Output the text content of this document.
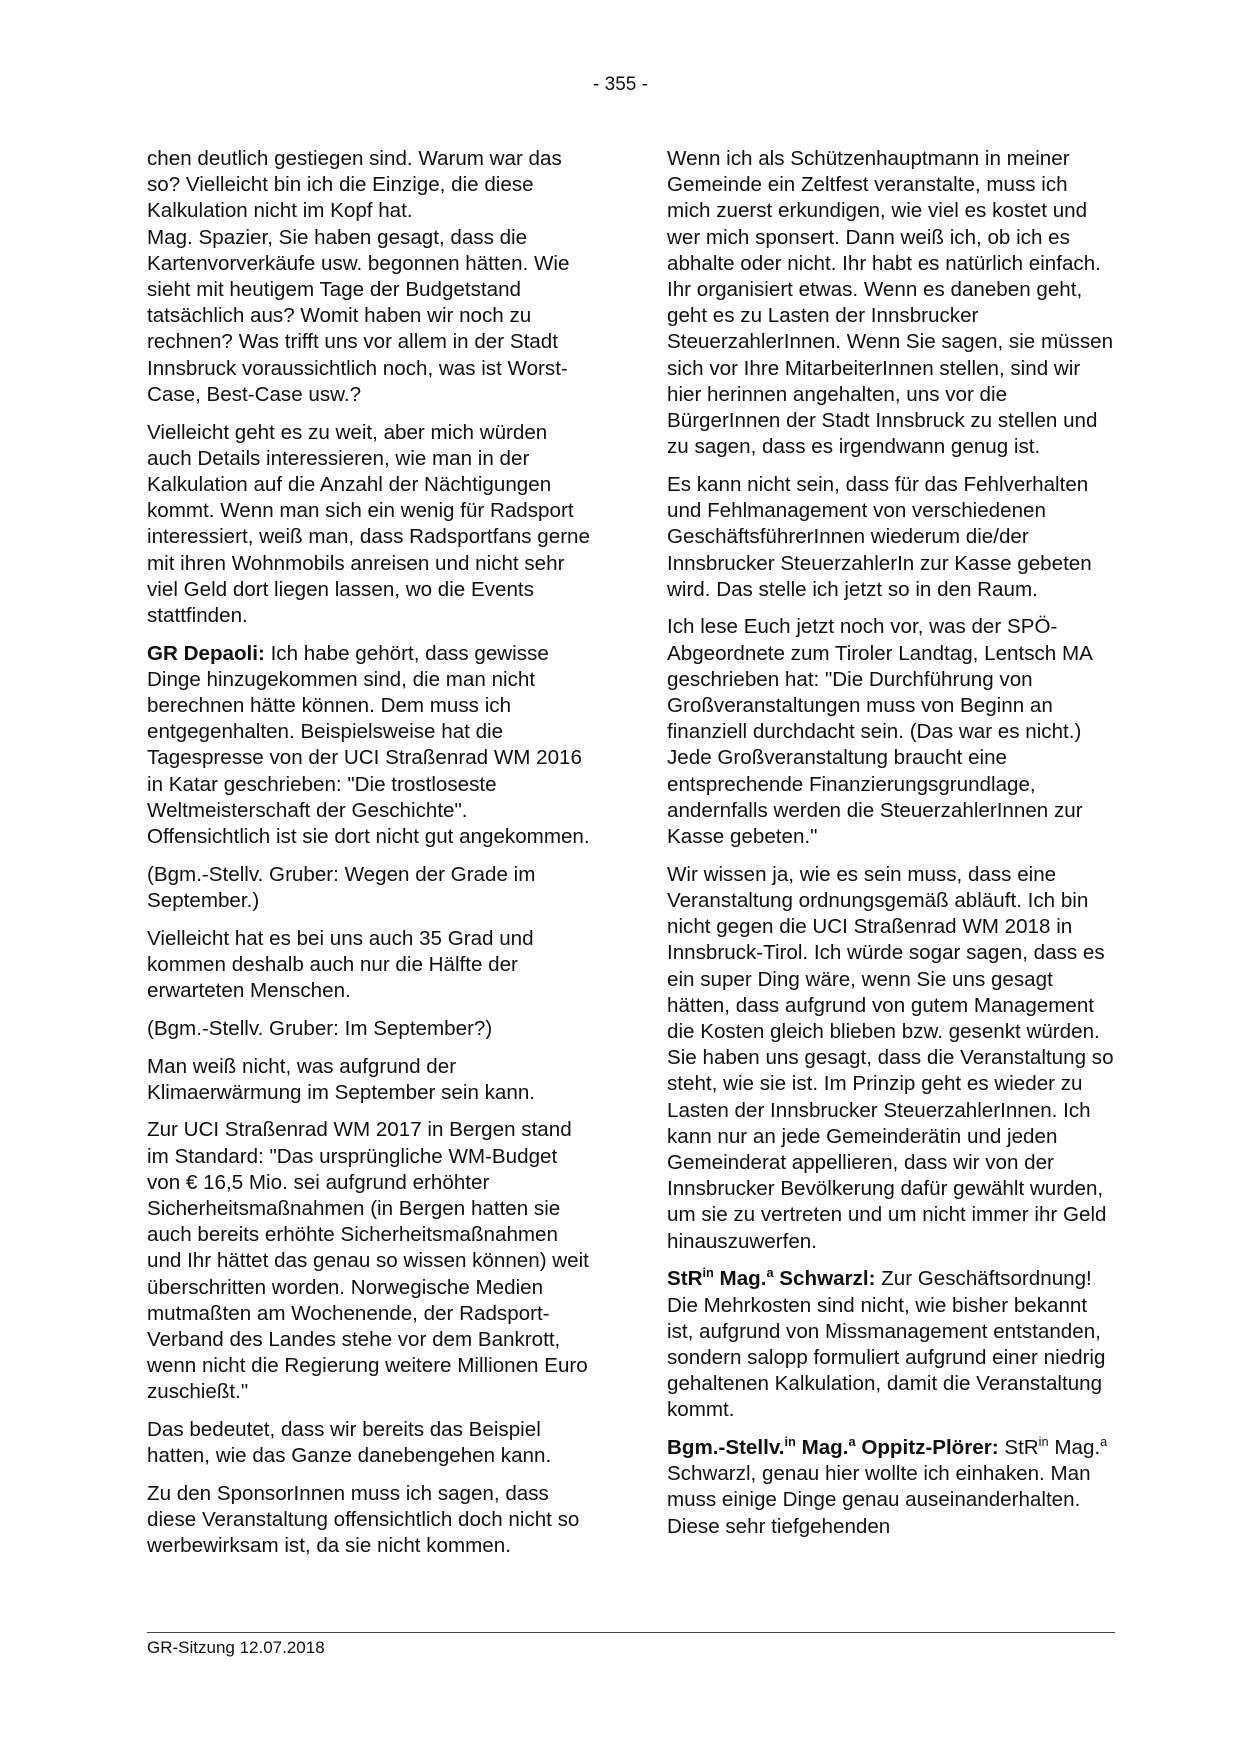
- 355 -

chen deutlich gestiegen sind. Warum war das so? Vielleicht bin ich die Einzige, die diese Kalkulation nicht im Kopf hat.

Mag. Spazier, Sie haben gesagt, dass die Kartenvorverkäufe usw. begonnen hätten. Wie sieht mit heutigem Tage der Budgetstand tatsächlich aus? Womit haben wir noch zu rechnen? Was trifft uns vor allem in der Stadt Innsbruck voraussichtlich noch, was ist Worst-Case, Best-Case usw.?

Vielleicht geht es zu weit, aber mich würden auch Details interessieren, wie man in der Kalkulation auf die Anzahl der Nächtigungen kommt. Wenn man sich ein wenig für Radsport interessiert, weiß man, dass Radsportfans gerne mit ihren Wohnmobils anreisen und nicht sehr viel Geld dort liegen lassen, wo die Events stattfinden.

GR Depaoli: Ich habe gehört, dass gewisse Dinge hinzugekommen sind, die man nicht berechnen hätte können. Dem muss ich entgegenhalten. Beispielsweise hat die Tagespresse von der UCI Straßenrad WM 2016 in Katar geschrieben: "Die trostloseste Weltmeisterschaft der Geschichte". Offensichtlich ist sie dort nicht gut angekommen.

(Bgm.-Stellv. Gruber: Wegen der Grade im September.)

Vielleicht hat es bei uns auch 35 Grad und kommen deshalb auch nur die Hälfte der erwarteten Menschen.

(Bgm.-Stellv. Gruber: Im September?)

Man weiß nicht, was aufgrund der Klimaerwärmung im September sein kann.

Zur UCI Straßenrad WM 2017 in Bergen stand im Standard: "Das ursprüngliche WM-Budget von € 16,5 Mio. sei aufgrund erhöhter Sicherheitsmaßnahmen (in Bergen hatten sie auch bereits erhöhte Sicherheitsmaßnahmen und Ihr hättet das genau so wissen können) weit überschritten worden. Norwegische Medien mutmaßten am Wochenende, der Radsport-Verband des Landes stehe vor dem Bankrott, wenn nicht die Regierung weitere Millionen Euro zuschießt."

Das bedeutet, dass wir bereits das Beispiel hatten, wie das Ganze danebengehen kann.

Zu den SponsorInnen muss ich sagen, dass diese Veranstaltung offensichtlich doch nicht so werbewirksam ist, da sie nicht kommen.

Wenn ich als Schützenhauptmann in meiner Gemeinde ein Zeltfest veranstalte, muss ich mich zuerst erkundigen, wie viel es kostet und wer mich sponsert. Dann weiß ich, ob ich es abhalte oder nicht. Ihr habt es natürlich einfach. Ihr organisiert etwas. Wenn es daneben geht, geht es zu Lasten der Innsbrucker SteuerzahlerInnen. Wenn Sie sagen, sie müssen sich vor Ihre MitarbeiterInnen stellen, sind wir hier herinnen angehalten, uns vor die BürgerInnen der Stadt Innsbruck zu stellen und zu sagen, dass es irgendwann genug ist.

Es kann nicht sein, dass für das Fehlverhalten und Fehlmanagement von verschiedenen GeschäftsführerInnen wiederum die/der Innsbrucker SteuerzahlerIn zur Kasse gebeten wird. Das stelle ich jetzt so in den Raum.

Ich lese Euch jetzt noch vor, was der SPÖ-Abgeordnete zum Tiroler Landtag, Lentsch MA geschrieben hat: "Die Durchführung von Großveranstaltungen muss von Beginn an finanziell durchdacht sein. (Das war es nicht.) Jede Großveranstaltung braucht eine entsprechende Finanzierungsgrundlage, andernfalls werden die SteuerzahlerInnen zur Kasse gebeten."

Wir wissen ja, wie es sein muss, dass eine Veranstaltung ordnungsgemäß abläuft. Ich bin nicht gegen die UCI Straßenrad WM 2018 in Innsbruck-Tirol. Ich würde sogar sagen, dass es ein super Ding wäre, wenn Sie uns gesagt hätten, dass aufgrund von gutem Management die Kosten gleich blieben bzw. gesenkt würden. Sie haben uns gesagt, dass die Veranstaltung so steht, wie sie ist. Im Prinzip geht es wieder zu Lasten der Innsbrucker SteuerzahlerInnen. Ich kann nur an jede Gemeinderätin und jeden Gemeinderat appellieren, dass wir von der Innsbrucker Bevölkerung dafür gewählt wurden, um sie zu vertreten und um nicht immer ihr Geld hinauszuwerfen.

StR$^{in}$ Mag.$^a$ Schwarzl: Zur Geschäftsordnung! Die Mehrkosten sind nicht, wie bisher bekannt ist, aufgrund von Missmanagement entstanden, sondern salopp formuliert aufgrund einer niedrig gehaltenen Kalkulation, damit die Veranstaltung kommt.

Bgm.-Stellv.$^{in}$ Mag.$^a$ Oppitz-Plörer: StR$^{in}$ Mag.$^a$ Schwarzl, genau hier wollte ich einhaken. Man muss einige Dinge genau auseinanderhalten. Diese sehr tiefgehenden

GR-Sitzung 12.07.2018
